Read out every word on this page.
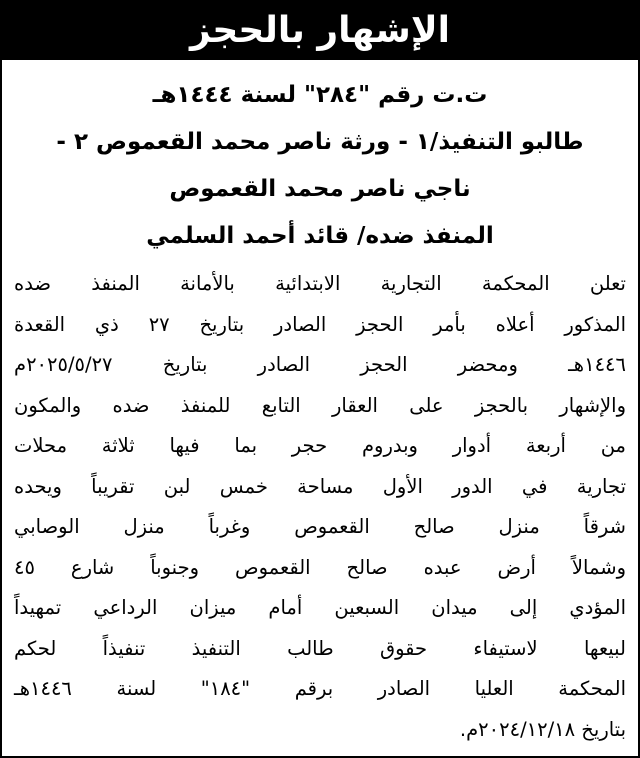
الإشهار بالحجز
ت.ت رقم "٢٨٤" لسنة ١٤٤٤هـ
طالبو التنفيذ/١ - ورثة ناصر محمد القعموص ٢ -
ناجي ناصر محمد القعموص
المنفذ ضده/ قائد أحمد السلمي
تعلن المحكمة التجارية الابتدائية بالأمانة المنفذ ضده
المذكور أعلاه بأمر الحجز الصادر بتاريخ ٢٧ ذي القعدة
١٤٤٦هـ ومحضر الحجز الصادر بتاريخ ٢٠٢٥/٥/٢٧م
والإشهار بالحجز على العقار التابع للمنفذ ضده والمكون
من أربعة أدوار وبدروم حجر بما فيها ثلاثة محلات
تجارية في الدور الأول مساحة خمس لبن تقريباً ويحده
شرقاً منزل صالح القعموص وغرباً منزل الوصابي
وشمالاً أرض عبده صالح القعموص وجنوباً شارع ٤٥
المؤدي إلى ميدان السبعين أمام ميزان الرداعي تمهيداً
لبيعها لاستيفاء حقوق طالب التنفيذ تنفيذاً لحكم
المحكمة العليا الصادر برقم "١٨٤" لسنة ١٤٤٦هـ
بتاريخ ٢٠٢٤/١٢/١٨م.
